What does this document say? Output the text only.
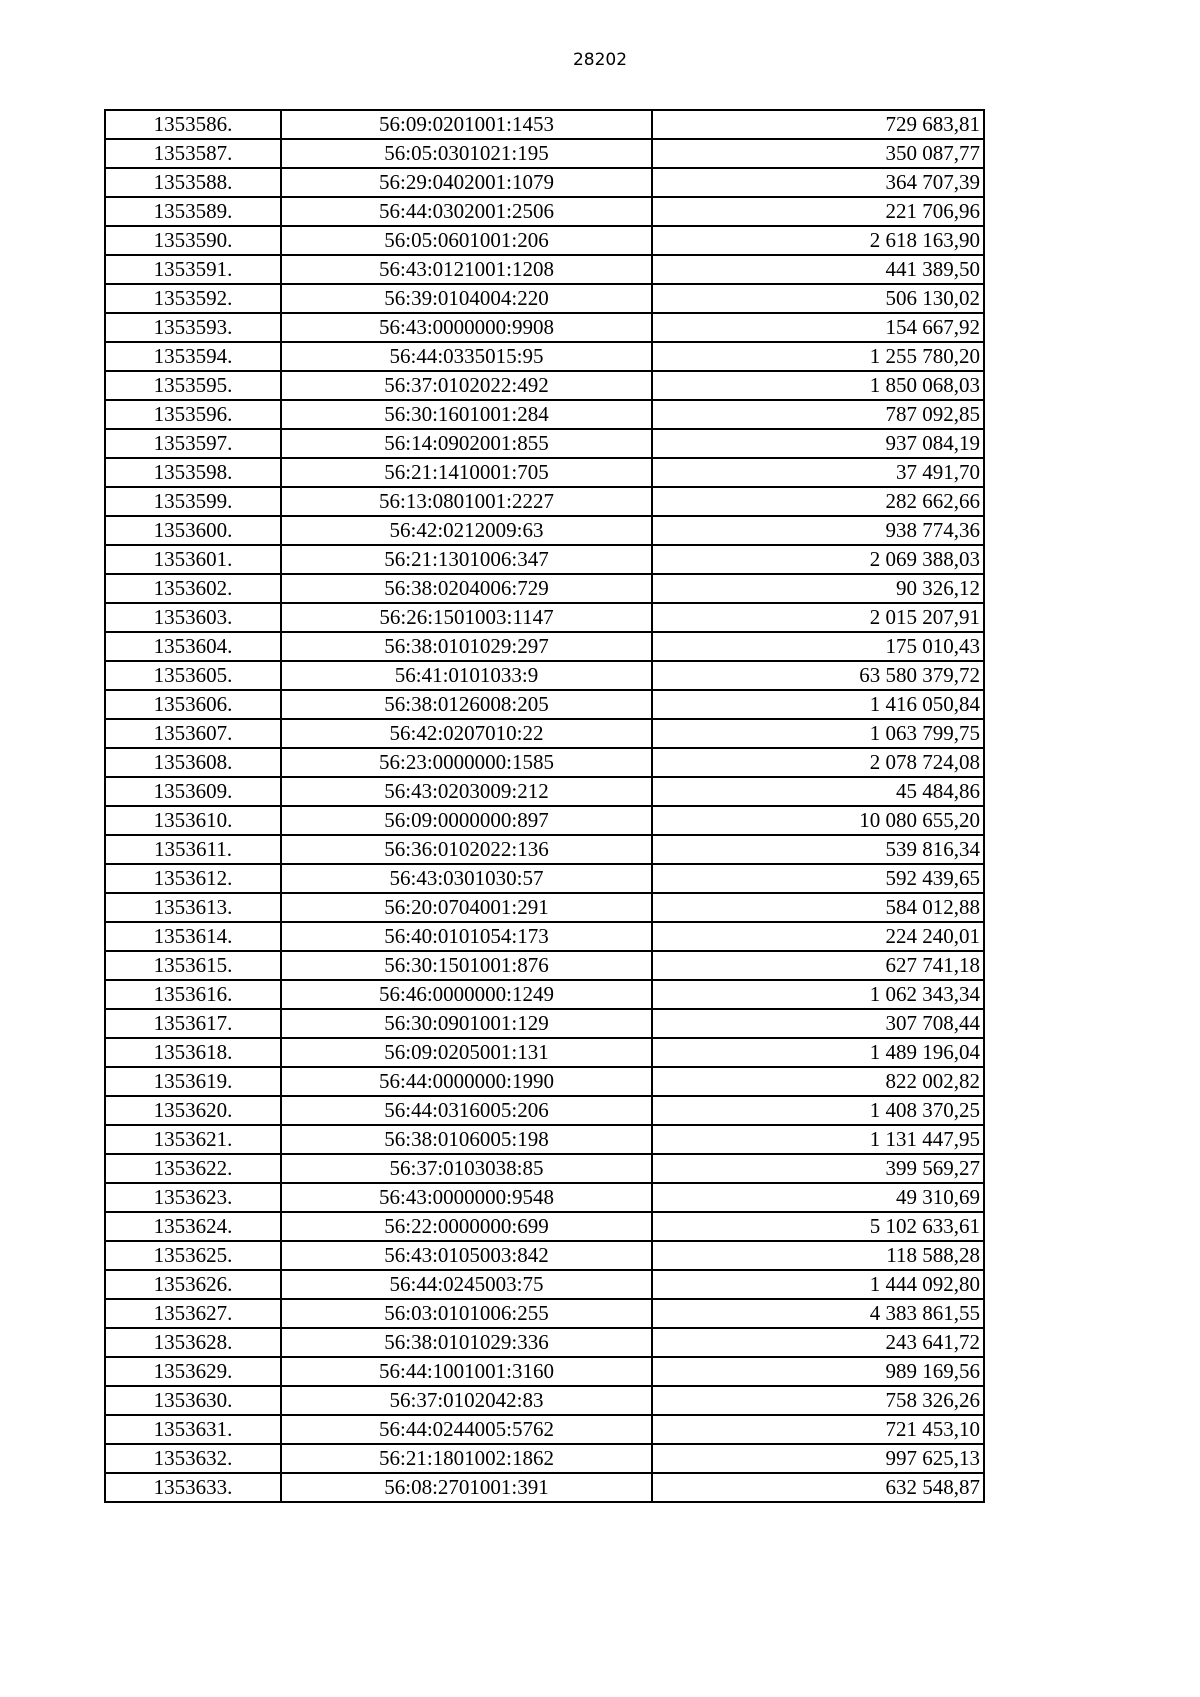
28202
1353586.	56:09:0201001:1453	729 683,81
1353587.	56:05:0301021:195	350 087,77
1353588.	56:29:0402001:1079	364 707,39
1353589.	56:44:0302001:2506	221 706,96
1353590.	56:05:0601001:206	2 618 163,90
1353591.	56:43:0121001:1208	441 389,50
1353592.	56:39:0104004:220	506 130,02
1353593.	56:43:0000000:9908	154 667,92
1353594.	56:44:0335015:95	1 255 780,20
1353595.	56:37:0102022:492	1 850 068,03
1353596.	56:30:1601001:284	787 092,85
1353597.	56:14:0902001:855	937 084,19
1353598.	56:21:1410001:705	37 491,70
1353599.	56:13:0801001:2227	282 662,66
1353600.	56:42:0212009:63	938 774,36
1353601.	56:21:1301006:347	2 069 388,03
1353602.	56:38:0204006:729	90 326,12
1353603.	56:26:1501003:1147	2 015 207,91
1353604.	56:38:0101029:297	175 010,43
1353605.	56:41:0101033:9	63 580 379,72
1353606.	56:38:0126008:205	1 416 050,84
1353607.	56:42:0207010:22	1 063 799,75
1353608.	56:23:0000000:1585	2 078 724,08
1353609.	56:43:0203009:212	45 484,86
1353610.	56:09:0000000:897	10 080 655,20
1353611.	56:36:0102022:136	539 816,34
1353612.	56:43:0301030:57	592 439,65
1353613.	56:20:0704001:291	584 012,88
1353614.	56:40:0101054:173	224 240,01
1353615.	56:30:1501001:876	627 741,18
1353616.	56:46:0000000:1249	1 062 343,34
1353617.	56:30:0901001:129	307 708,44
1353618.	56:09:0205001:131	1 489 196,04
1353619.	56:44:0000000:1990	822 002,82
1353620.	56:44:0316005:206	1 408 370,25
1353621.	56:38:0106005:198	1 131 447,95
1353622.	56:37:0103038:85	399 569,27
1353623.	56:43:0000000:9548	49 310,69
1353624.	56:22:0000000:699	5 102 633,61
1353625.	56:43:0105003:842	118 588,28
1353626.	56:44:0245003:75	1 444 092,80
1353627.	56:03:0101006:255	4 383 861,55
1353628.	56:38:0101029:336	243 641,72
1353629.	56:44:1001001:3160	989 169,56
1353630.	56:37:0102042:83	758 326,26
1353631.	56:44:0244005:5762	721 453,10
1353632.	56:21:1801002:1862	997 625,13
1353633.	56:08:2701001:391	632 548,87
